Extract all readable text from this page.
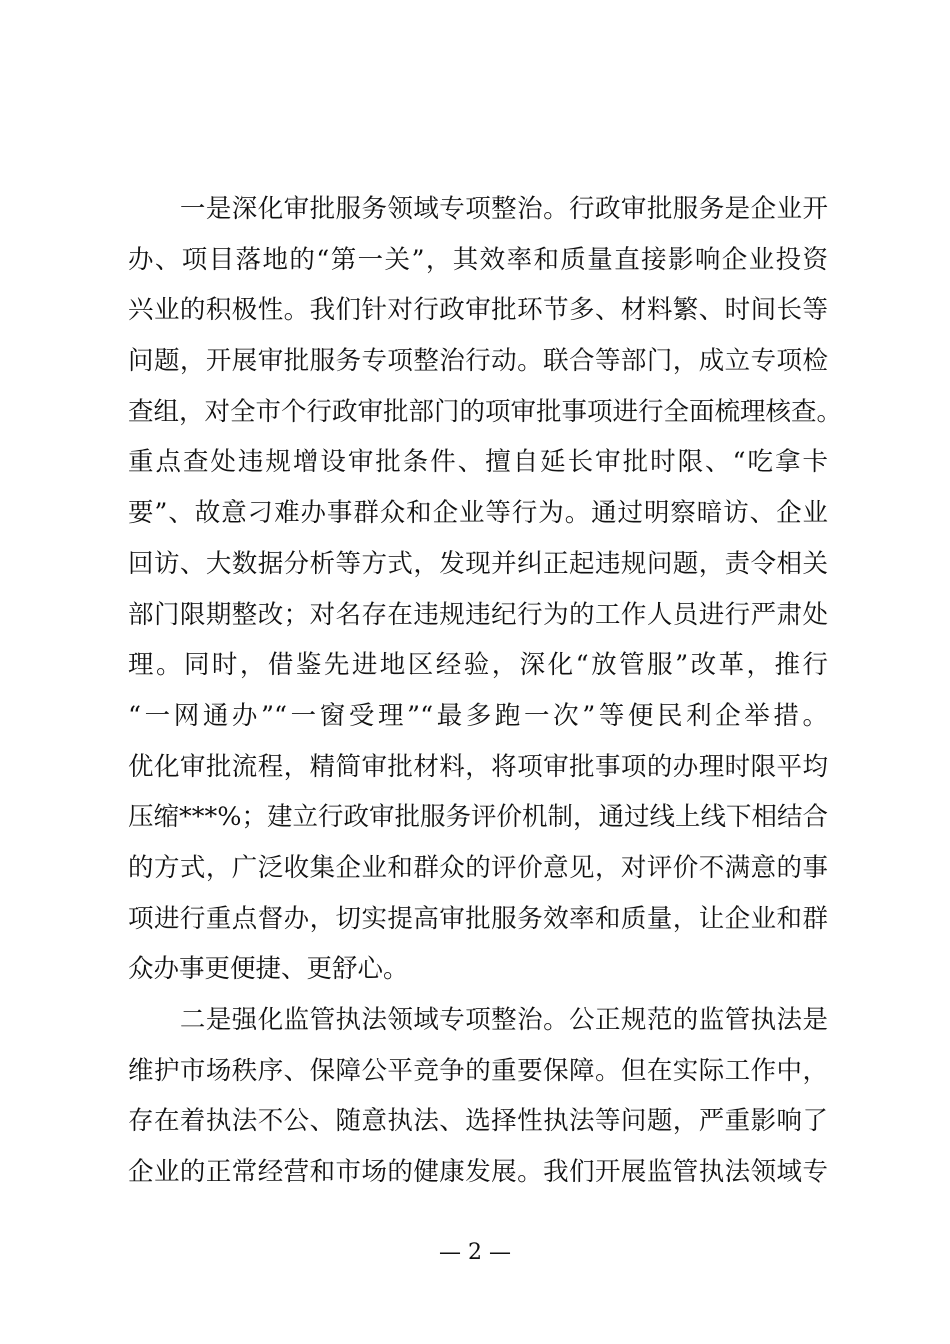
　　一是深化审批服务领域专项整治。行政审批服务是企业开
办、项目落地的“第一关”，其效率和质量直接影响企业投资
兴业的积极性。我们针对行政审批环节多、材料繁、时间长等
问题，开展审批服务专项整治行动。联合等部门，成立专项检
查组，对全市个行政审批部门的项审批事项进行全面梳理核查。
重点查处违规增设审批条件、擅自延长审批时限、“吃拿卡
要”、故意刁难办事群众和企业等行为。通过明察暗访、企业
回访、大数据分析等方式，发现并纠正起违规问题，责令相关
部门限期整改；对名存在违规违纪行为的工作人员进行严肃处
理。同时，借鉴先进地区经验，深化“放管服”改革，推行
“一网通办”“一窗受理”“最多跑一次”等便民利企举措。
优化审批流程，精简审批材料，将项审批事项的办理时限平均
压缩***%；建立行政审批服务评价机制，通过线上线下相结合
的方式，广泛收集企业和群众的评价意见，对评价不满意的事
项进行重点督办，切实提高审批服务效率和质量，让企业和群
众办事更便捷、更舒心。
　　二是强化监管执法领域专项整治。公正规范的监管执法是
维护市场秩序、保障公平竞争的重要保障。但在实际工作中，
存在着执法不公、随意执法、选择性执法等问题，严重影响了
企业的正常经营和市场的健康发展。我们开展监管执法领域专
— 2 —
